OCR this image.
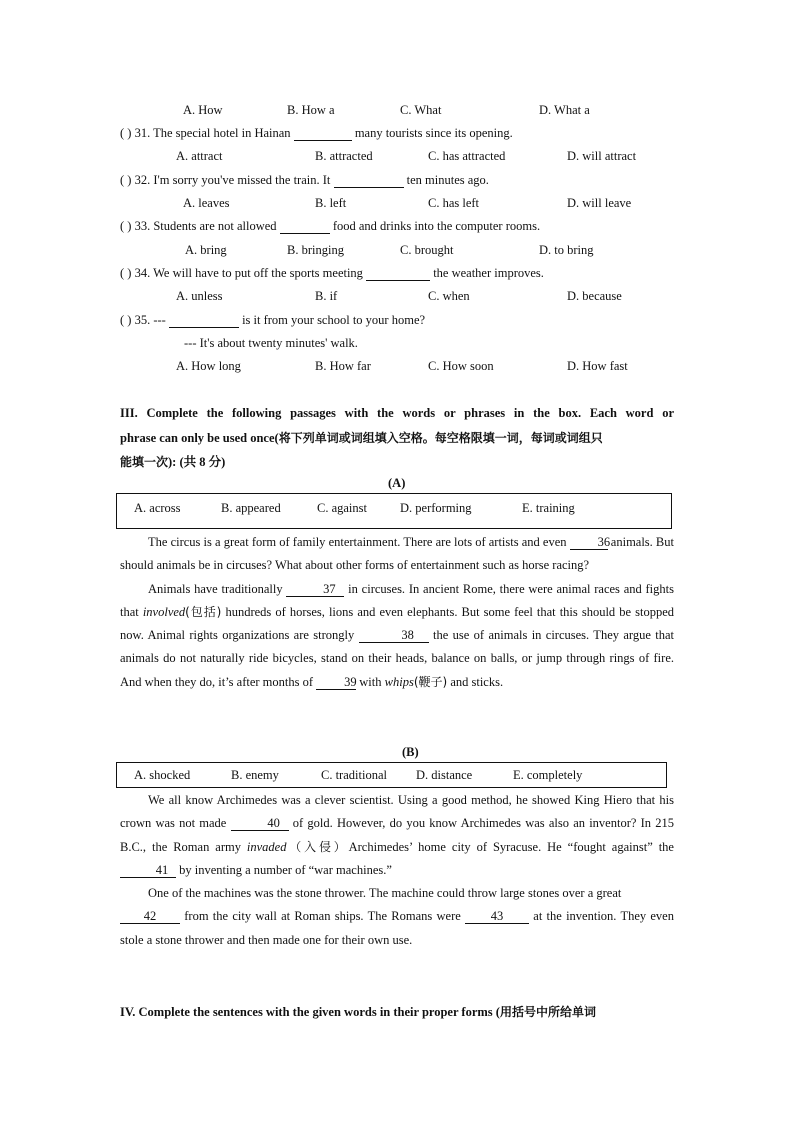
A. How	B. How a	C. What	D. What a
( ) 31. The special hotel in Hainan	many tourists since its opening.
A. attract	B. attracted	C. has attracted	D. will attract
( ) 32. I'm sorry you've missed the train. It	ten minutes ago.
A. leaves	B. left	C. has left	D. will leave
( ) 33. Students are not allowed	food and drinks into the computer rooms.
A. bring	B. bringing	C. brought	D. to bring
( ) 34. We will have to put off the sports meeting	the weather improves.
A. unless	B. if	C. when	D. because
( ) 35. ---	is it from your school to your home?
--- It's about twenty minutes' walk.
A. How long	B. How far	C. How soon	D. How fast
III. Complete the following passages with the words or phrases in the box. Each word or
phrase can only be used once(将下列单词或词组填入空格。每空格限填一词，每词或词组只
能填一次): (共 8 分)
(A)
A. across	B. appeared	C. against	D. performing	E. training

The circus is a great form of family entertainment. There are lots of artists and even 36 animals. But should animals be in circuses? What about other forms of entertainment such as horse racing?

Animals have traditionally	37 in circuses. In ancient Rome, there were animal races and fights that involved(包括) hundreds of horses, lions and even elephants. But some feel that this should be stopped now. Animal rights organizations are strongly	38 the use of animals in circuses. They argue that animals do not naturally ride bicycles, stand on their heads, balance on balls, or jump through rings of fire. And when they do, it’s after months of 39 with whips(鞭子) and sticks.

(B)
A. shocked	B. enemy	C. traditional D. distance	E. completely

We all know Archimedes was a clever scientist. Using a good method, he showed King Hiero that his crown was not made	40 of gold. However, do you know Archimedes was also an inventor? In 215 B.C., the Roman army invaded（入侵）Archimedes’ home city of Syracuse. He “fought against” the 41 by inventing a number of “war machines.”

One of the machines was the stone thrower. The machine could throw large stones over a great

42 from the city wall at Roman ships. The Romans were 43 at the invention. They even stole a stone thrower and then made one for their own use.

IV. Complete the sentences with the given words in their proper forms (用括号中所给单词
